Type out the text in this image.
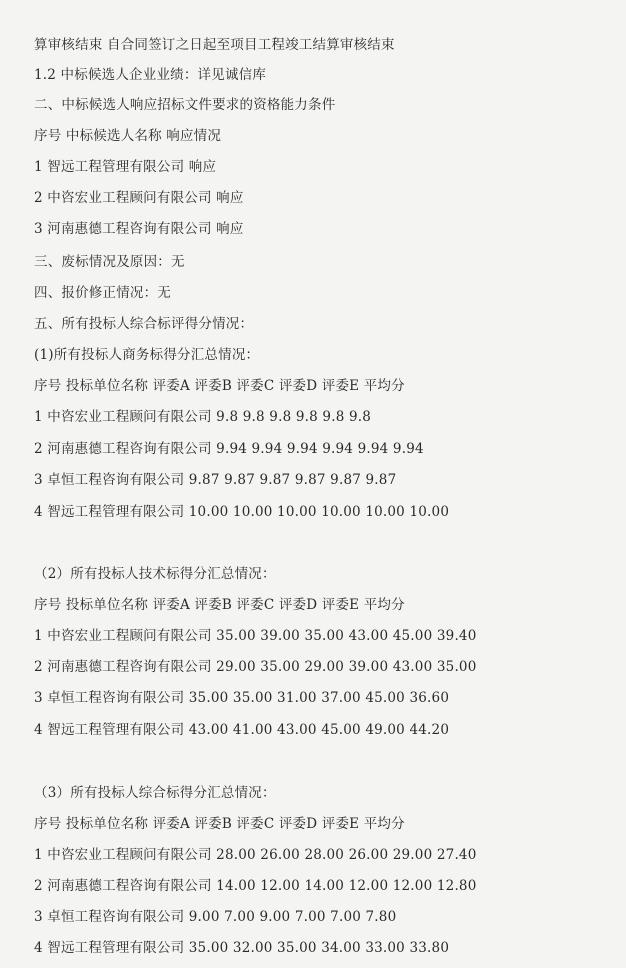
算审核结束 自合同签订之日起至项目工程竣工结算审核结束
1.2 中标候选人企业业绩：详见诚信库
二、中标候选人响应招标文件要求的资格能力条件
序号 中标候选人名称 响应情况
1 智远工程管理有限公司 响应
2 中咨宏业工程顾问有限公司 响应
3 河南惠德工程咨询有限公司 响应
三、废标情况及原因：无
四、报价修正情况：无
五、所有投标人综合标评得分情况：
(1)所有投标人商务标得分汇总情况：
序号 投标单位名称 评委A 评委B 评委C 评委D 评委E 平均分
1 中咨宏业工程顾问有限公司 9.8 9.8 9.8 9.8 9.8 9.8
2 河南惠德工程咨询有限公司 9.94 9.94 9.94 9.94 9.94 9.94
3 卓恒工程咨询有限公司 9.87 9.87 9.87 9.87 9.87 9.87
4 智远工程管理有限公司 10.00 10.00 10.00 10.00 10.00 10.00
（2）所有投标人技术标得分汇总情况：
序号 投标单位名称 评委A 评委B 评委C 评委D 评委E 平均分
1 中咨宏业工程顾问有限公司 35.00 39.00 35.00 43.00 45.00 39.40
2 河南惠德工程咨询有限公司 29.00 35.00 29.00 39.00 43.00 35.00
3 卓恒工程咨询有限公司 35.00 35.00 31.00 37.00 45.00 36.60
4 智远工程管理有限公司 43.00 41.00 43.00 45.00 49.00 44.20
（3）所有投标人综合标得分汇总情况：
序号 投标单位名称 评委A 评委B 评委C 评委D 评委E 平均分
1 中咨宏业工程顾问有限公司 28.00 26.00 28.00 26.00 29.00 27.40
2 河南惠德工程咨询有限公司 14.00 12.00 14.00 12.00 12.00 12.80
3 卓恒工程咨询有限公司 9.00 7.00 9.00 7.00 7.00 7.80
4 智远工程管理有限公司 35.00 32.00 35.00 34.00 33.00 33.80
